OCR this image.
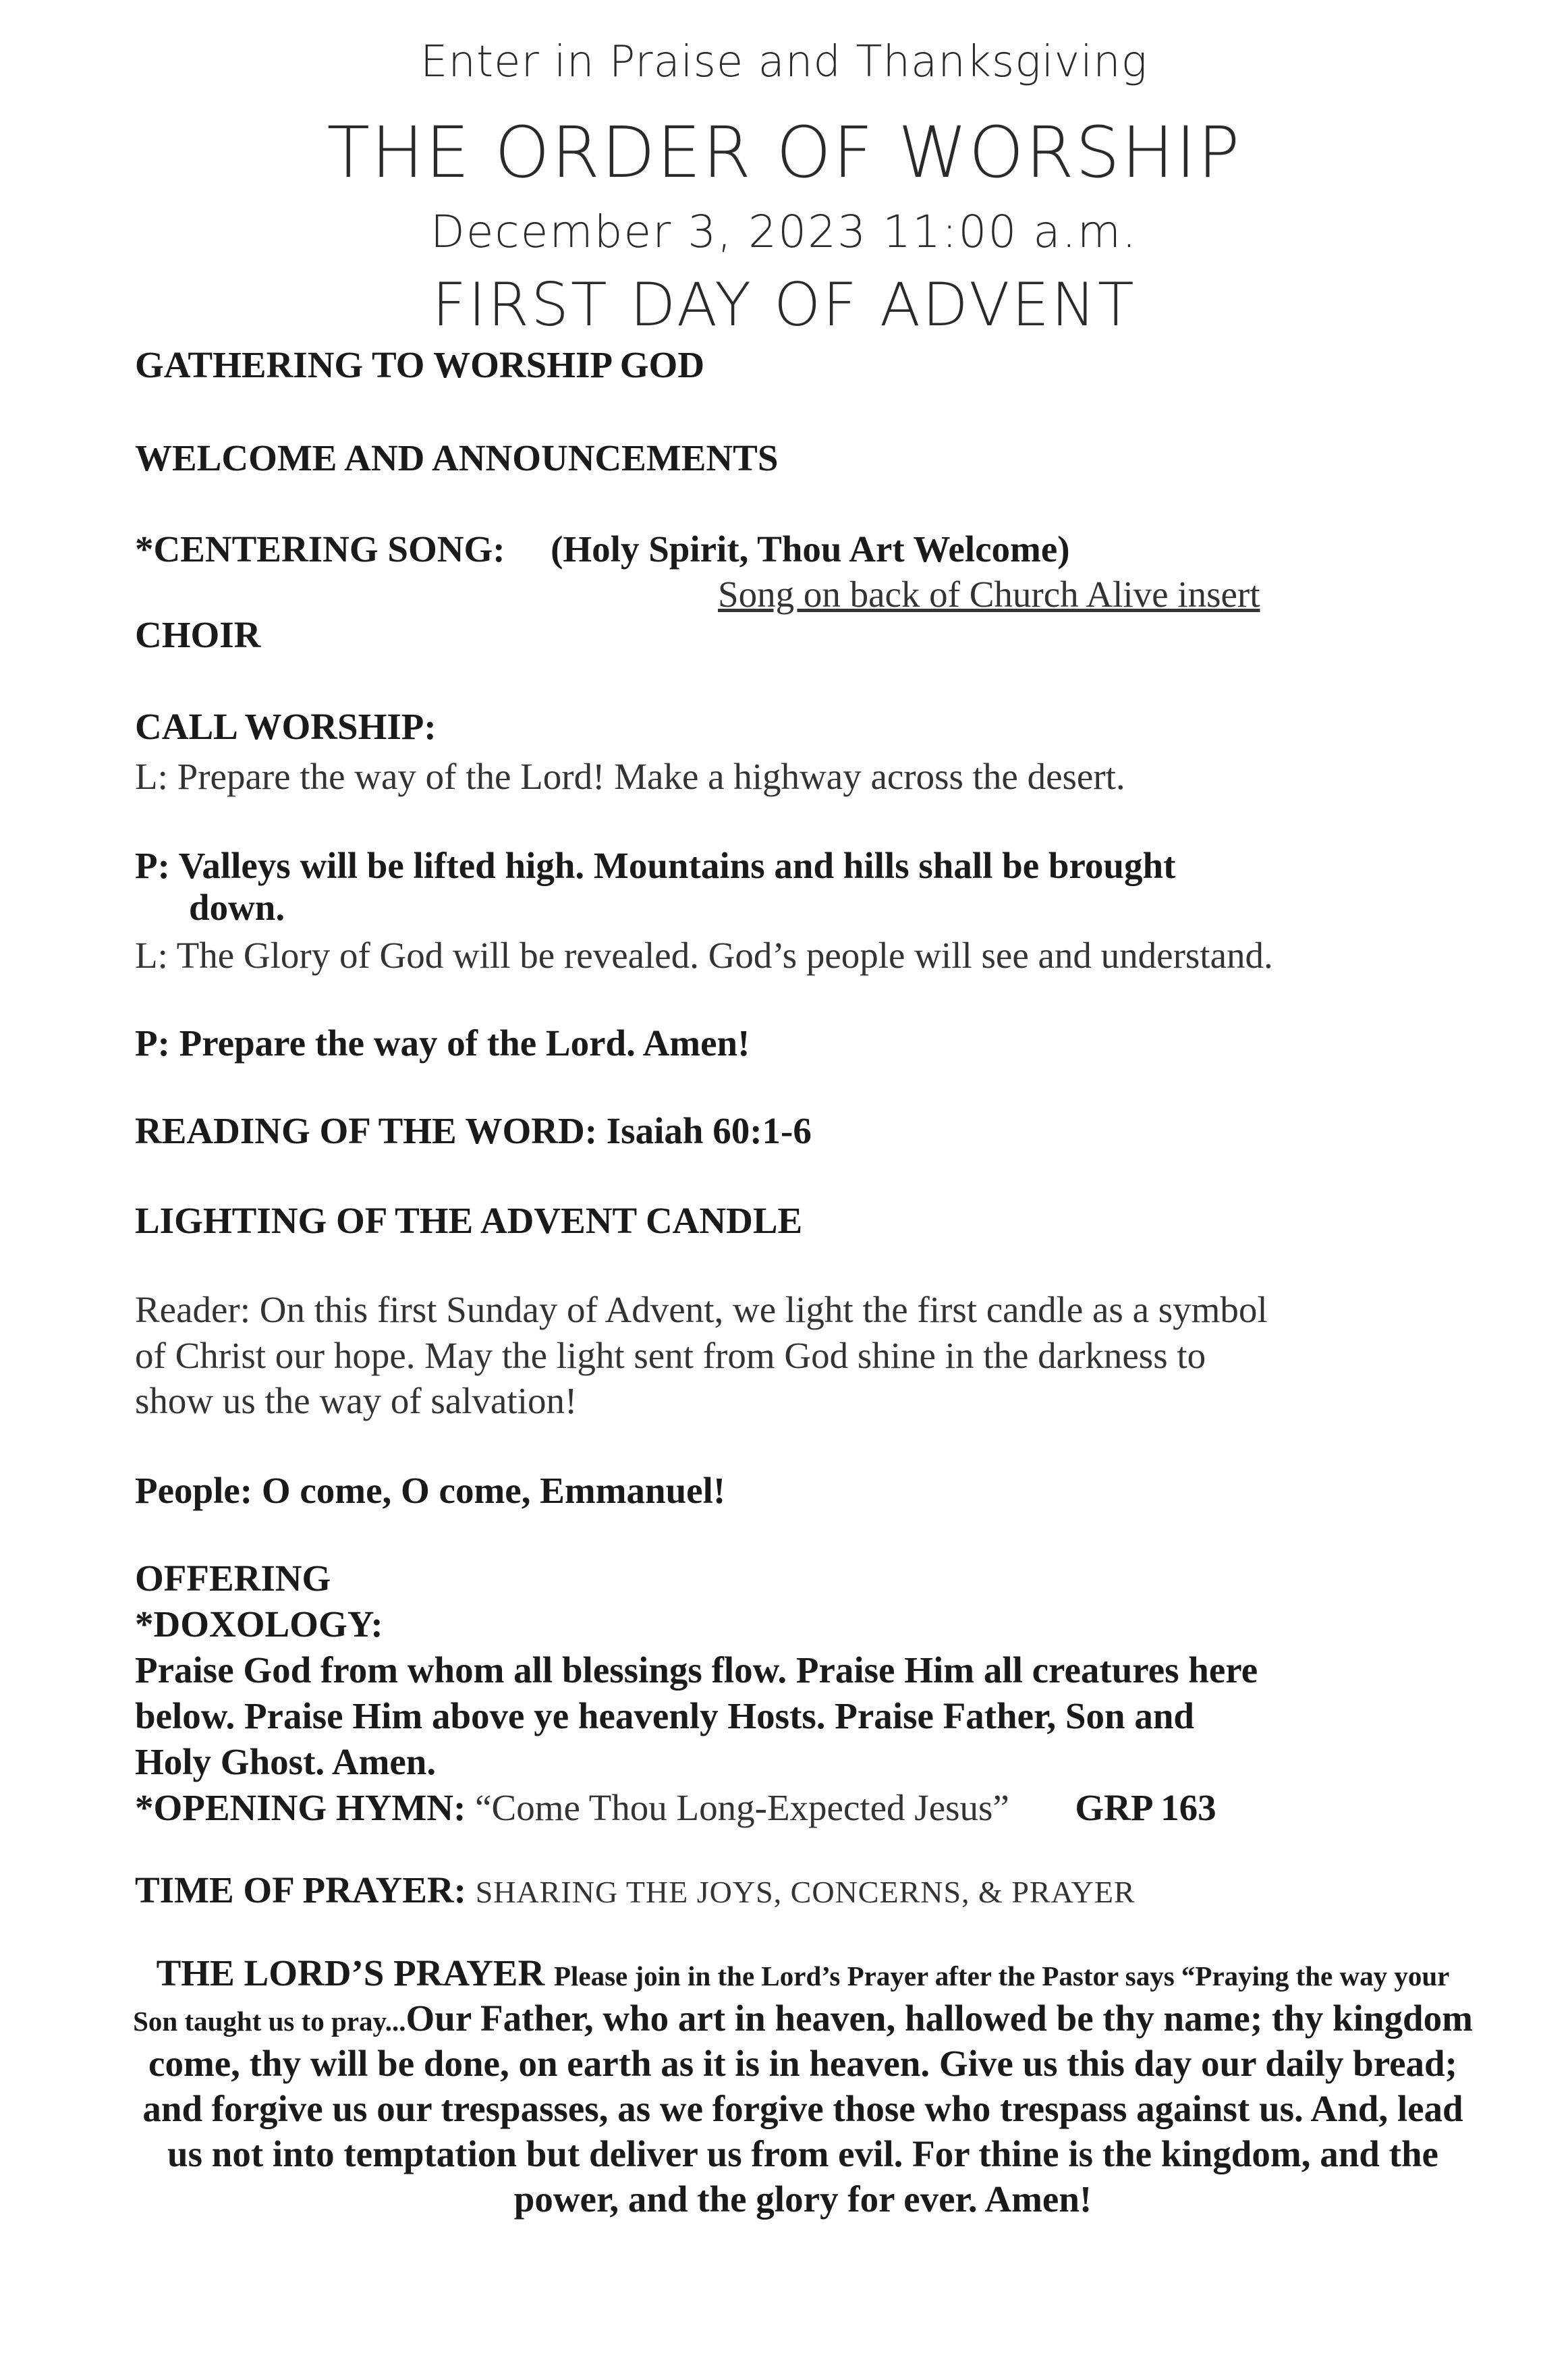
Enter in Praise and Thanksgiving
THE ORDER OF WORSHIP
December 3, 2023 11:00 a.m.
FIRST DAY OF ADVENT
GATHERING TO WORSHIP GOD
WELCOME AND ANNOUNCEMENTS
*CENTERING SONG: (Holy Spirit, Thou Art Welcome)
Song on back of Church Alive insert
CHOIR
CALL WORSHIP:
L: Prepare the way of the Lord! Make a highway across the desert.
P: Valleys will be lifted high. Mountains and hills shall be brought
down.
L: The Glory of God will be revealed. God’s people will see and understand.
P: Prepare the way of the Lord. Amen!
READING OF THE WORD: Isaiah 60:1-6
LIGHTING OF THE ADVENT CANDLE
Reader: On this first Sunday of Advent, we light the first candle as a symbol
of Christ our hope. May the light sent from God shine in the darkness to
show us the way of salvation!
People: O come, O come, Emmanuel!
OFFERING
*DOXOLOGY:
Praise God from whom all blessings flow. Praise Him all creatures here
below. Praise Him above ye heavenly Hosts. Praise Father, Son and
Holy Ghost. Amen.
*OPENING HYMN: “Come Thou Long-Expected Jesus” GRP 163
TIME OF PRAYER: SHARING THE JOYS, CONCERNS, & PRAYER
THE LORD’S PRAYER Please join in the Lord’s Prayer after the Pastor says “Praying the way your Son taught us to pray...Our Father, who art in heaven, hallowed be thy name; thy kingdom come, thy will be done, on earth as it is in heaven. Give us this day our daily bread; and forgive us our trespasses, as we forgive those who trespass against us. And, lead us not into temptation but deliver us from evil. For thine is the kingdom, and the power, and the glory for ever. Amen!
